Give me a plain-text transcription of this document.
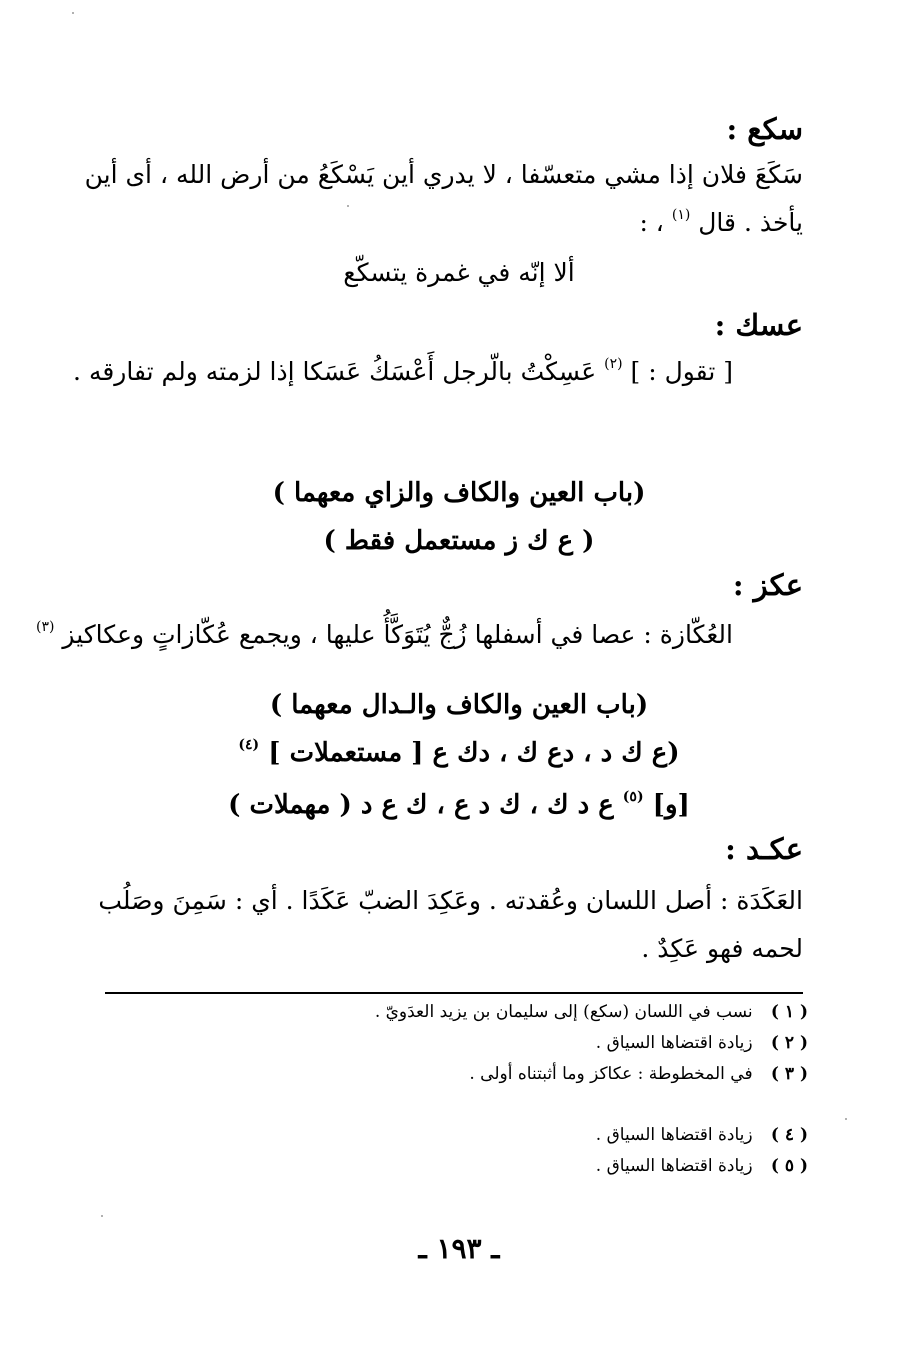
سكع :
سَكَعَ فلان إذا مشي متعسّفا ، لا يدري أين يَسْكَعُ من أرض الله ، أى أين
يأخذ . قال $^{(١)}$ ، :
ألا إنّه في غمرة يتسكّع
عسك :
[ تقول : ] $^{(٢)}$ عَسِكْتُ بالّرجل أَعْسَكُ عَسَكا إذا لزمته ولم تفارقه .
(باب العين والكاف والزاي معهما )
( ع ك ز مستعمل فقط )
عكز :
العُكّازة : عصا في أسفلها زُجٌّ يُتَوَكَّأُ عليها ، ويجمع عُكّازاتٍ وعكاكيز $^{(٣)}$
(باب العين والكاف والـدال معهما )
(ع ك د ، دع ك ، دك ع [ مستعملات ] $^{(٤)}$
[و] $^{(٥)}$ ع د ك ، ك د ع ، ك ع د ( مهملات )
عكـد :
العَكَدَة : أصل اللسان وعُقدته . وعَكِدَ الضبّ عَكَدًا . أي : سَمِنَ وصَلُب
لحمه فهو عَكِدٌ .
( ١ ) نسب في اللسان (سكع) إلى سليمان بن يزيد العدَويّ .
( ٢ ) زيادة اقتضاها السياق .
( ٣ ) في المخطوطة : عكاكز وما أثبتناه أولى .
( ٤ ) زيادة اقتضاها السياق .
( ٥ ) زيادة اقتضاها السياق .
ـ ١٩٣ ـ
